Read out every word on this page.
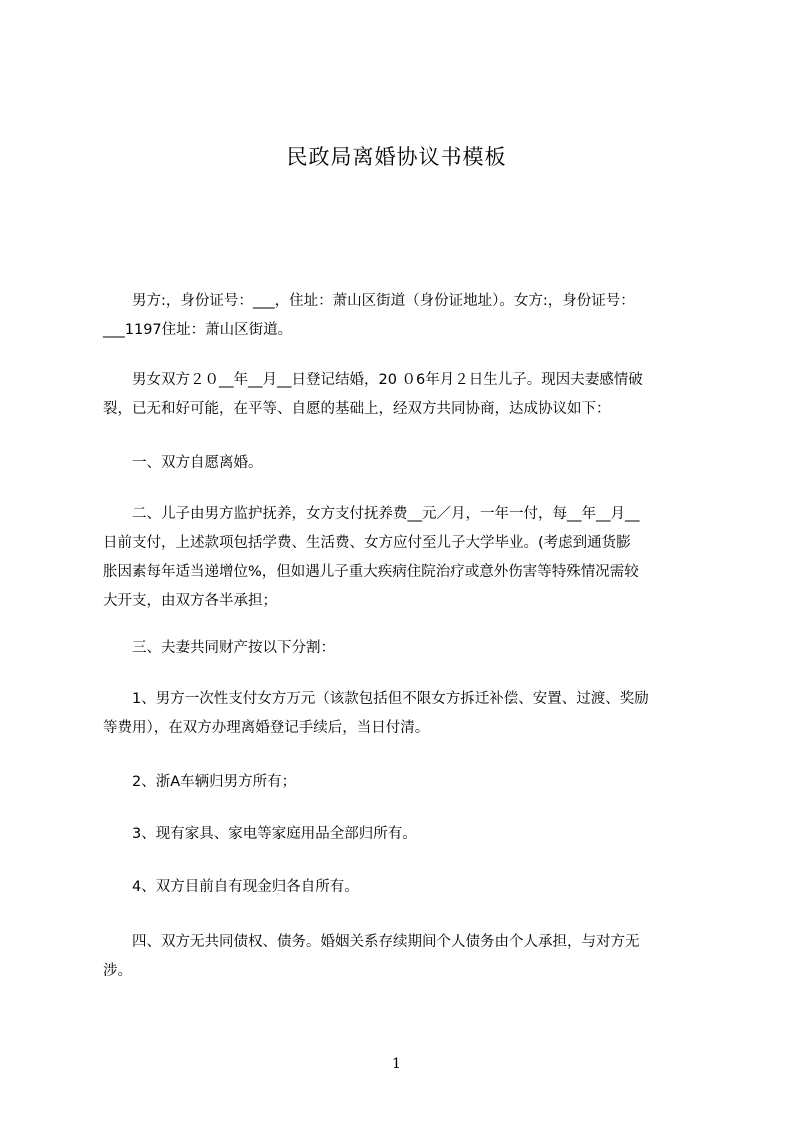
民政局离婚协议书模板
　　男方:，身份证号：___，住址：萧山区街道（身份证地址）。女方:，身份证号：
___1197住址：萧山区街道。
　　男女双方２０__年__月__日登记结婚，20 ０6年月２日生儿子。现因夫妻感情破
裂，已无和好可能，在平等、自愿的基础上，经双方共同协商，达成协议如下：
　　一、双方自愿离婚。
　　二、儿子由男方监护抚养，女方支付抚养费__元／月，一年一付，每__年__月__
日前支付，上述款项包括学费、生活费、女方应付至儿子大学毕业。(考虑到通货膨
胀因素每年适当递增位%，但如遇儿子重大疾病住院治疗或意外伤害等特殊情况需较
大开支，由双方各半承担；
　　三、夫妻共同财产按以下分割：
　　1、男方一次性支付女方万元（该款包括但不限女方拆迁补偿、安置、过渡、奖励
等费用），在双方办理离婚登记手续后，当日付清。
　　2、浙A车辆归男方所有；
　　3、现有家具、家电等家庭用品全部归所有。
　　4、双方目前自有现金归各自所有。
　　四、双方无共同债权、债务。婚姻关系存续期间个人债务由个人承担，与对方无
涉。
1
